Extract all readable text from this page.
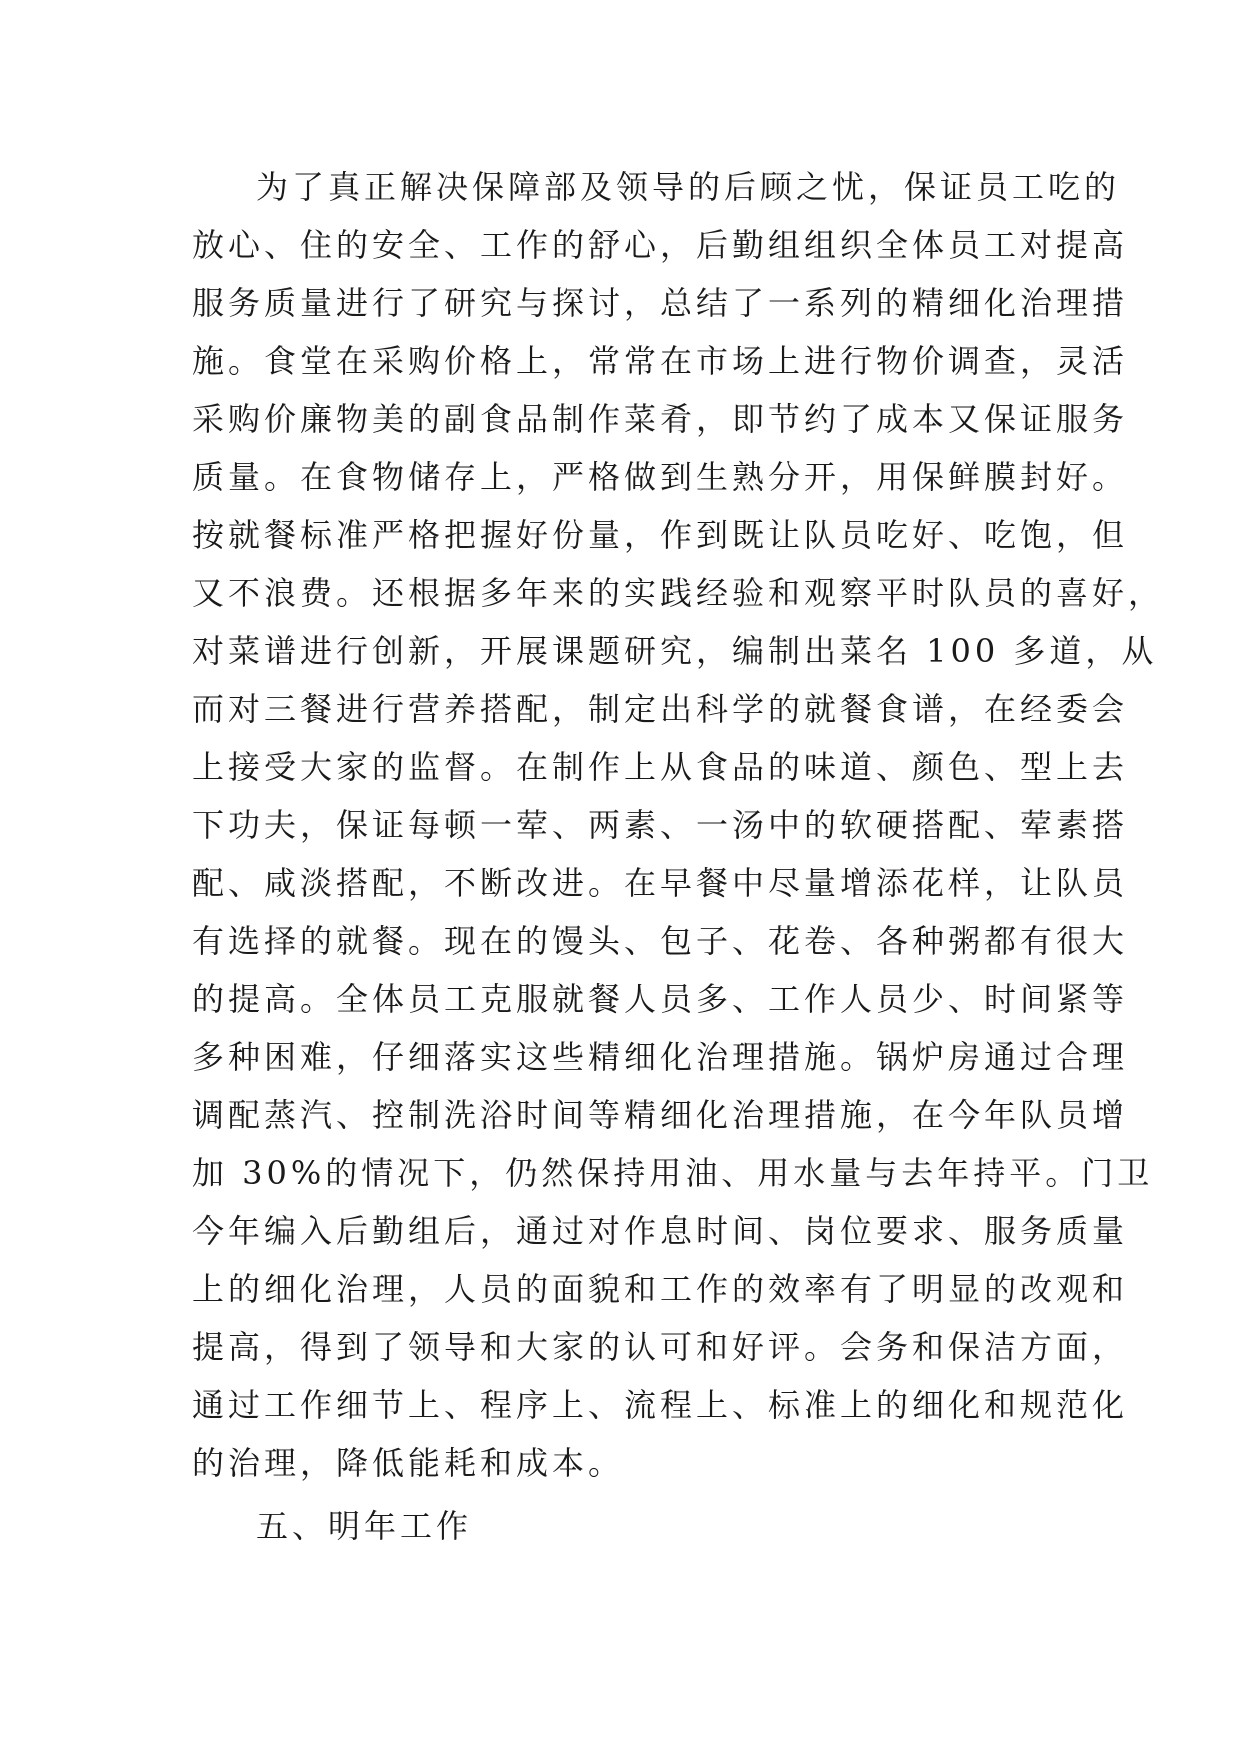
为了真正解决保障部及领导的后顾之忧，保证员工吃的
放心、住的安全、工作的舒心，后勤组组织全体员工对提高
服务质量进行了研究与探讨，总结了一系列的精细化治理措
施。食堂在采购价格上，常常在市场上进行物价调查，灵活
采购价廉物美的副食品制作菜肴，即节约了成本又保证服务
质量。在食物储存上，严格做到生熟分开，用保鲜膜封好。
按就餐标准严格把握好份量，作到既让队员吃好、吃饱，但
又不浪费。还根据多年来的实践经验和观察平时队员的喜好，
对菜谱进行创新，开展课题研究，编制出菜名 100 多道，从
而对三餐进行营养搭配，制定出科学的就餐食谱，在经委会
上接受大家的监督。在制作上从食品的味道、颜色、型上去
下功夫，保证每顿一荤、两素、一汤中的软硬搭配、荤素搭
配、咸淡搭配，不断改进。在早餐中尽量增添花样，让队员
有选择的就餐。现在的馒头、包子、花卷、各种粥都有很大
的提高。全体员工克服就餐人员多、工作人员少、时间紧等
多种困难，仔细落实这些精细化治理措施。锅炉房通过合理
调配蒸汽、控制洗浴时间等精细化治理措施，在今年队员增
加 30%的情况下，仍然保持用油、用水量与去年持平。门卫
今年编入后勤组后，通过对作息时间、岗位要求、服务质量
上的细化治理，人员的面貌和工作的效率有了明显的改观和
提高，得到了领导和大家的认可和好评。会务和保洁方面，
通过工作细节上、程序上、流程上、标准上的细化和规范化
的治理，降低能耗和成本。
五、明年工作
